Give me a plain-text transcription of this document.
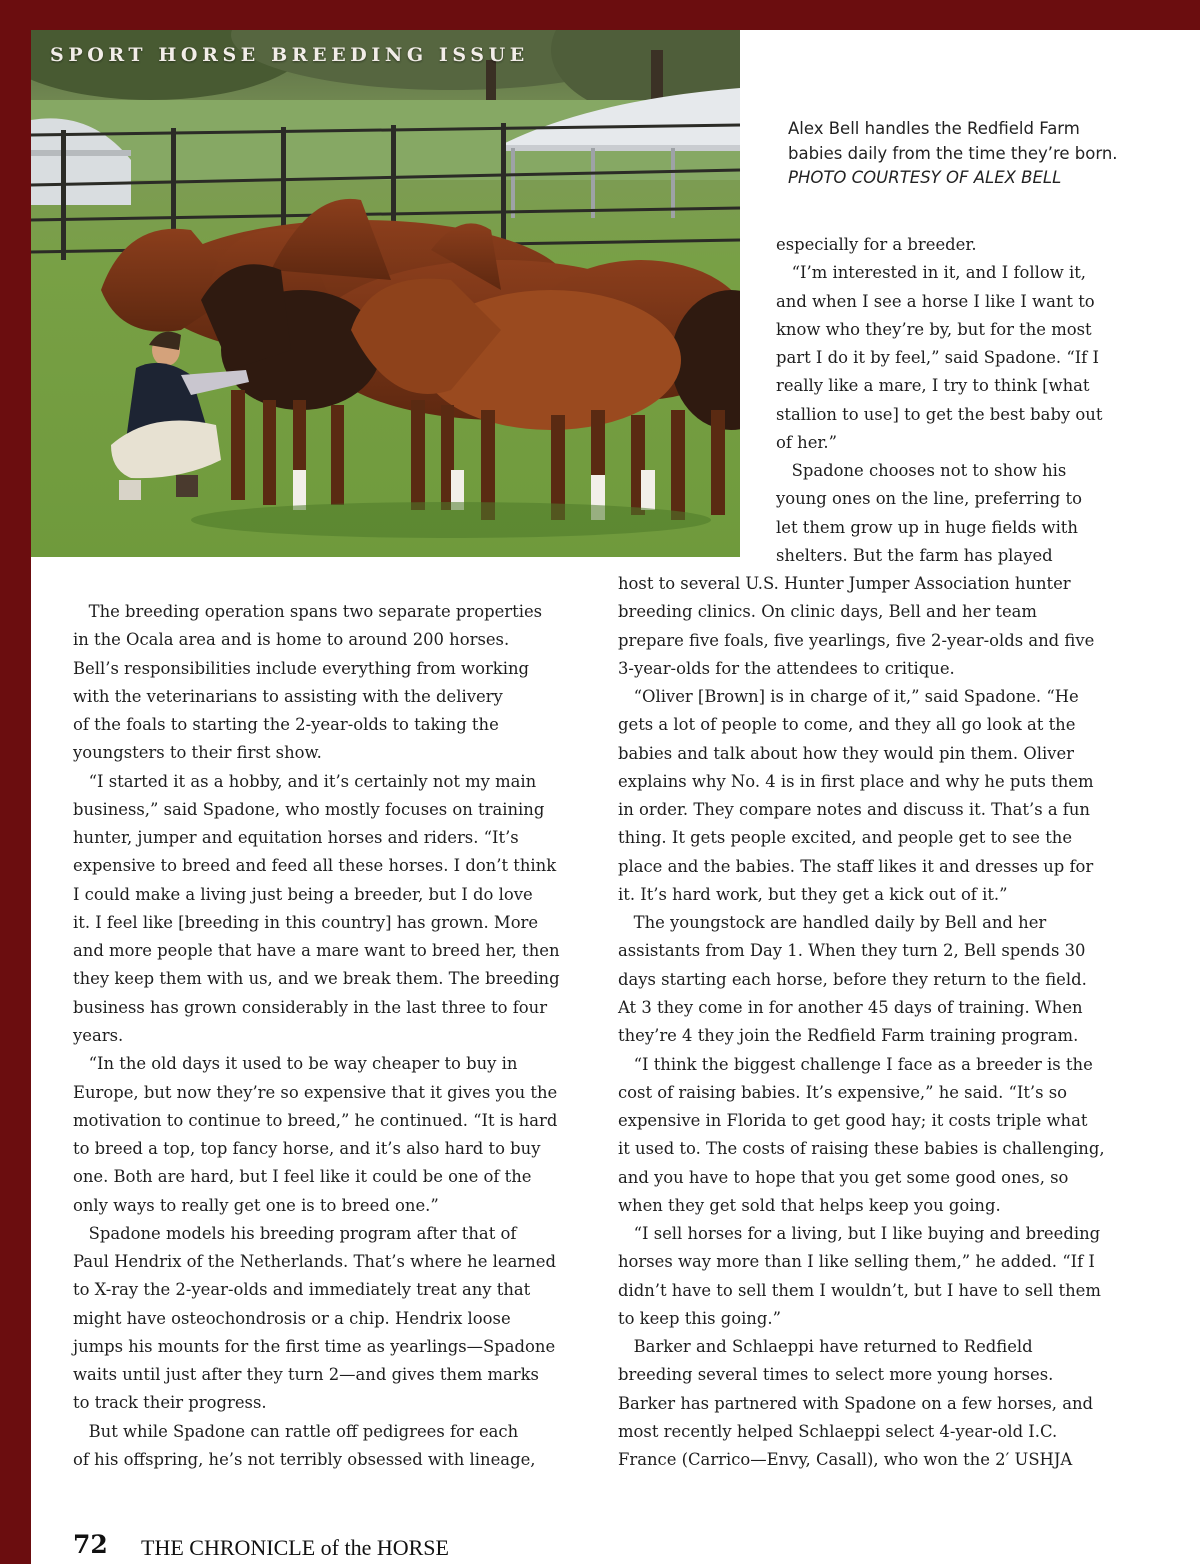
SPORT HORSE BREEDING ISSUE

Alex Bell handles the Redfield Farm babies daily from the time they’re born. PHOTO COURTESY OF ALEX BELL

especially for a breeder.
“I’m interested in it, and I follow it,
and when I see a horse I like I want to
know who they’re by, but for the most
part I do it by feel,” said Spadone. “If I
really like a mare, I try to think [what
stallion to use] to get the best baby out
of her.”
Spadone chooses not to show his
young ones on the line, preferring to
let them grow up in huge fields with
shelters. But the farm has played

The breeding operation spans two separate properties
in the Ocala area and is home to around 200 horses.
Bell’s responsibilities include everything from working
with the veterinarians to assisting with the delivery
of the foals to starting the 2-year-olds to taking the
youngsters to their first show.
“I started it as a hobby, and it’s certainly not my main
business,” said Spadone, who mostly focuses on training
hunter, jumper and equitation horses and riders. “It’s
expensive to breed and feed all these horses. I don’t think
I could make a living just being a breeder, but I do love
it. I feel like [breeding in this country] has grown. More
and more people that have a mare want to breed her, then
they keep them with us, and we break them. The breeding
business has grown considerably in the last three to four
years.
“In the old days it used to be way cheaper to buy in
Europe, but now they’re so expensive that it gives you the
motivation to continue to breed,” he continued. “It is hard
to breed a top, top fancy horse, and it’s also hard to buy
one. Both are hard, but I feel like it could be one of the
only ways to really get one is to breed one.”
Spadone models his breeding program after that of
Paul Hendrix of the Netherlands. That’s where he learned
to X-ray the 2-year-olds and immediately treat any that
might have osteochondrosis or a chip. Hendrix loose
jumps his mounts for the first time as yearlings—Spadone
waits until just after they turn 2—and gives them marks
to track their progress.
But while Spadone can rattle off pedigrees for each
of his offspring, he’s not terribly obsessed with lineage,

host to several U.S. Hunter Jumper Association hunter
breeding clinics. On clinic days, Bell and her team
prepare five foals, five yearlings, five 2-year-olds and five
3-year-olds for the attendees to critique.
“Oliver [Brown] is in charge of it,” said Spadone. “He
gets a lot of people to come, and they all go look at the
babies and talk about how they would pin them. Oliver
explains why No. 4 is in first place and why he puts them
in order. They compare notes and discuss it. That’s a fun
thing. It gets people excited, and people get to see the
place and the babies. The staff likes it and dresses up for
it. It’s hard work, but they get a kick out of it.”
The youngstock are handled daily by Bell and her
assistants from Day 1. When they turn 2, Bell spends 30
days starting each horse, before they return to the field.
At 3 they come in for another 45 days of training. When
they’re 4 they join the Redfield Farm training program.
“I think the biggest challenge I face as a breeder is the
cost of raising babies. It’s expensive,” he said. “It’s so
expensive in Florida to get good hay; it costs triple what
it used to. The costs of raising these babies is challenging,
and you have to hope that you get some good ones, so
when they get sold that helps keep you going.
“I sell horses for a living, but I like buying and breeding
horses way more than I like selling them,” he added. “If I
didn’t have to sell them I wouldn’t, but I have to sell them
to keep this going.”
Barker and Schlaeppi have returned to Redfield
breeding several times to select more young horses.
Barker has partnered with Spadone on a few horses, and
most recently helped Schlaeppi select 4-year-old I.C.
France (Carrico—Envy, Casall), who won the 2′ USHJA

72 THE CHRONICLE of the HORSE
